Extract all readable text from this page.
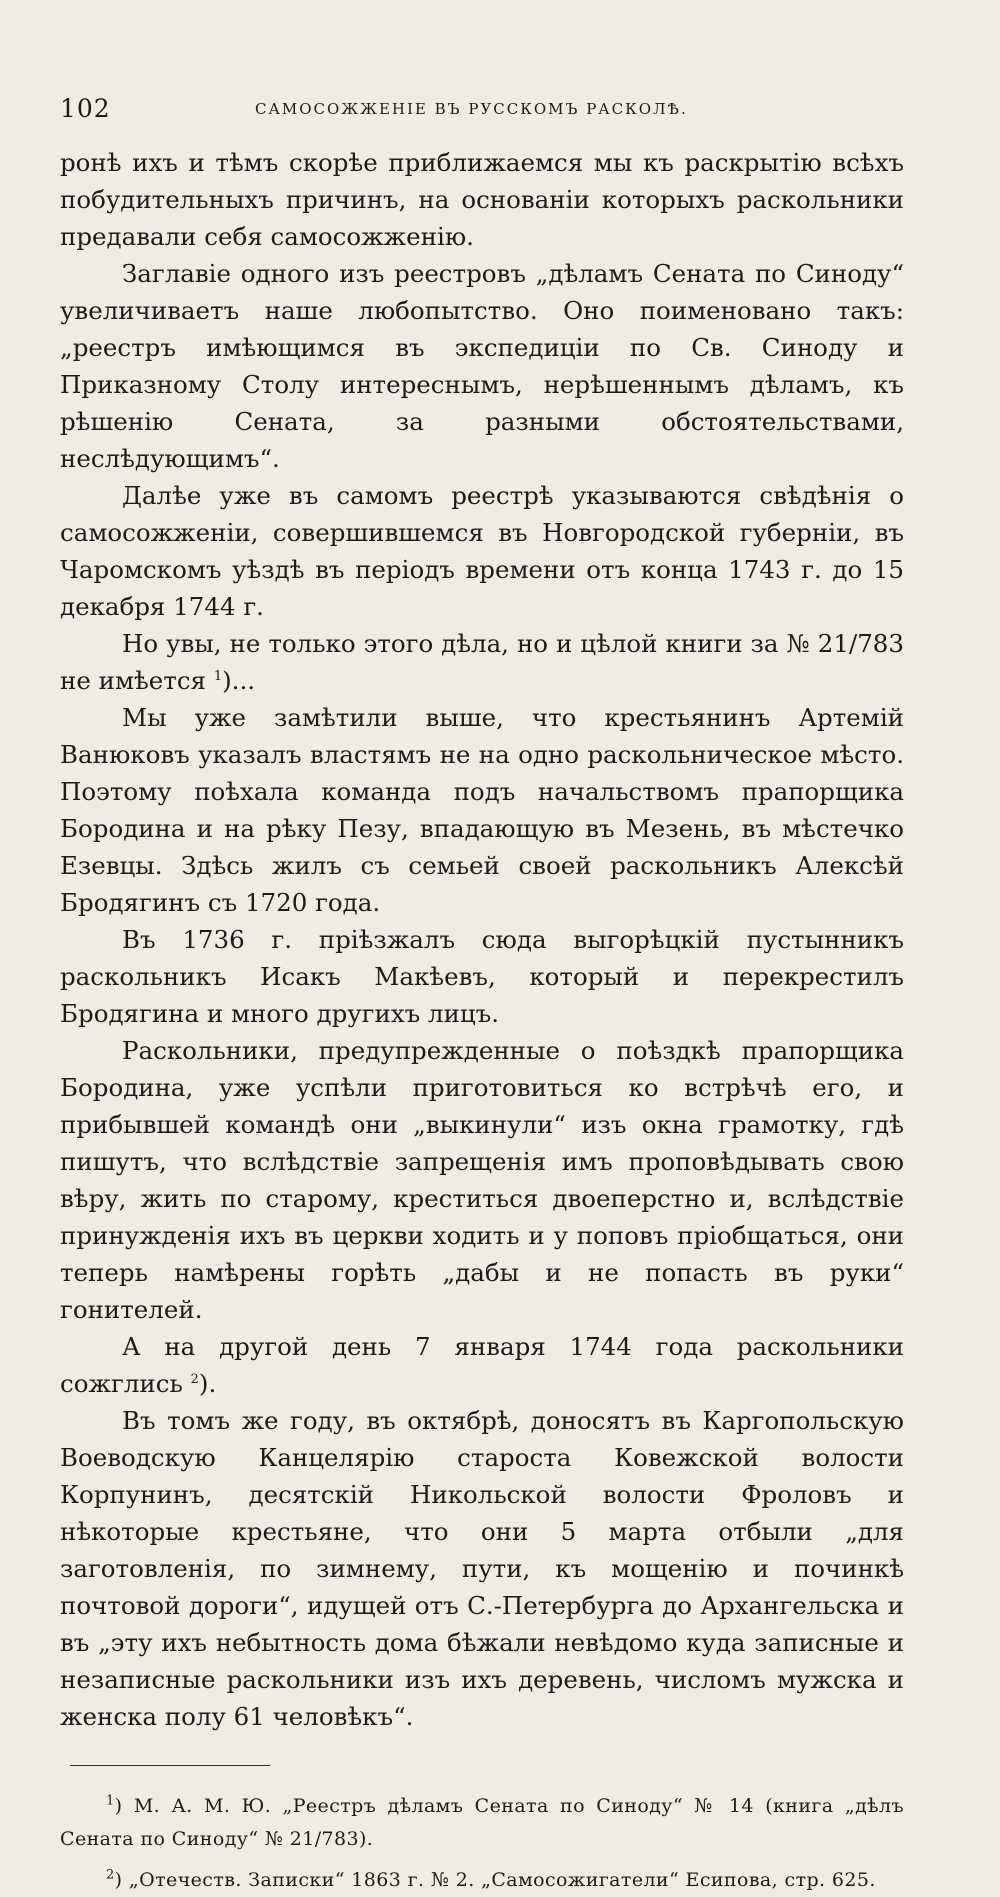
102	САМОСОЖЖЕНІЕ ВЪ РУССКОМЪ РАСКОЛѢ.

ронѣ ихъ и тѣмъ скорѣе приближаемся мы къ раскрытію всѣхъ побудительныхъ причинъ, на основаніи которыхъ раскольники предавали себя самосожженію.

Заглавіе одного изъ реестровъ „дѣламъ Сената по Синоду“ увеличиваетъ наше любопытство. Оно поименовано такъ: „реестръ имѣющимся въ экспедиціи по Св. Синоду и Приказному Столу интереснымъ, нерѣшеннымъ дѣламъ, къ рѣшенію Сената, за разными обстоятельствами, неслѣдующимъ“.

Далѣе уже въ самомъ реестрѣ указываются свѣдѣнія о самосожженіи, совершившемся въ Новгородской губерніи, въ Чаромскомъ уѣздѣ въ періодъ времени отъ конца 1743 г. до 15 декабря 1744 г.

Но увы, не только этого дѣла, но и цѣлой книги за № 21/783 не имѣется $^1$)...

Мы уже замѣтили выше, что крестьянинъ Артемій Ванюковъ указалъ властямъ не на одно раскольническое мѣсто. Поэтому поѣхала команда подъ начальствомъ прапорщика Бородина и на рѣку Пезу, впадающую въ Мезень, въ мѣстечко Езевцы. Здѣсь жилъ съ семьей своей раскольникъ Алексѣй Бродягинъ съ 1720 года.

Въ 1736 г. пріѣзжалъ сюда выгорѣцкій пустынникъ раскольникъ Исакъ Макѣевъ, который и перекрестилъ Бродягина и много другихъ лицъ.

Раскольники, предупрежденные о поѣздкѣ прапорщика Бородина, уже успѣли приготовиться ко встрѣчѣ его, и прибывшей командѣ они „выкинули“ изъ окна грамотку, гдѣ пишутъ, что вслѣдствіе запрещенія имъ проповѣдывать свою вѣру, жить по старому, креститься двоеперстно и, вслѣдствіе принужденія ихъ въ церкви ходить и у поповъ пріобщаться, они теперь намѣрены горѣть „дабы и не попасть въ руки“ гонителей.

А на другой день 7 января 1744 года раскольники сожглись $^2$).

Въ томъ же году, въ октябрѣ, доносятъ въ Каргопольскую Воеводскую Канцелярію староста Ковежской волости Корпунинъ, десятскій Никольской волости Фроловъ и нѣкоторые крестьяне, что они 5 марта отбыли „для заготовленія, по зимнему, пути, къ мощенію и починкѣ почтовой дороги“, идущей отъ С.-Петербурга до Архангельска и въ „эту ихъ небытность дома бѣжали невѣдомо куда записные и незаписные раскольники изъ ихъ деревень, числомъ мужска и женска полу 61 человѣкъ“.

$^1$) М. А. М. Ю. „Реестръ дѣламъ Сената по Синоду“ № 14 (книга „дѣлъ Сената по Синоду“ № 21/783).

$^2$) „Отечеств. Записки“ 1863 г. № 2. „Самосожигатели“ Есипова, стр. 625.
